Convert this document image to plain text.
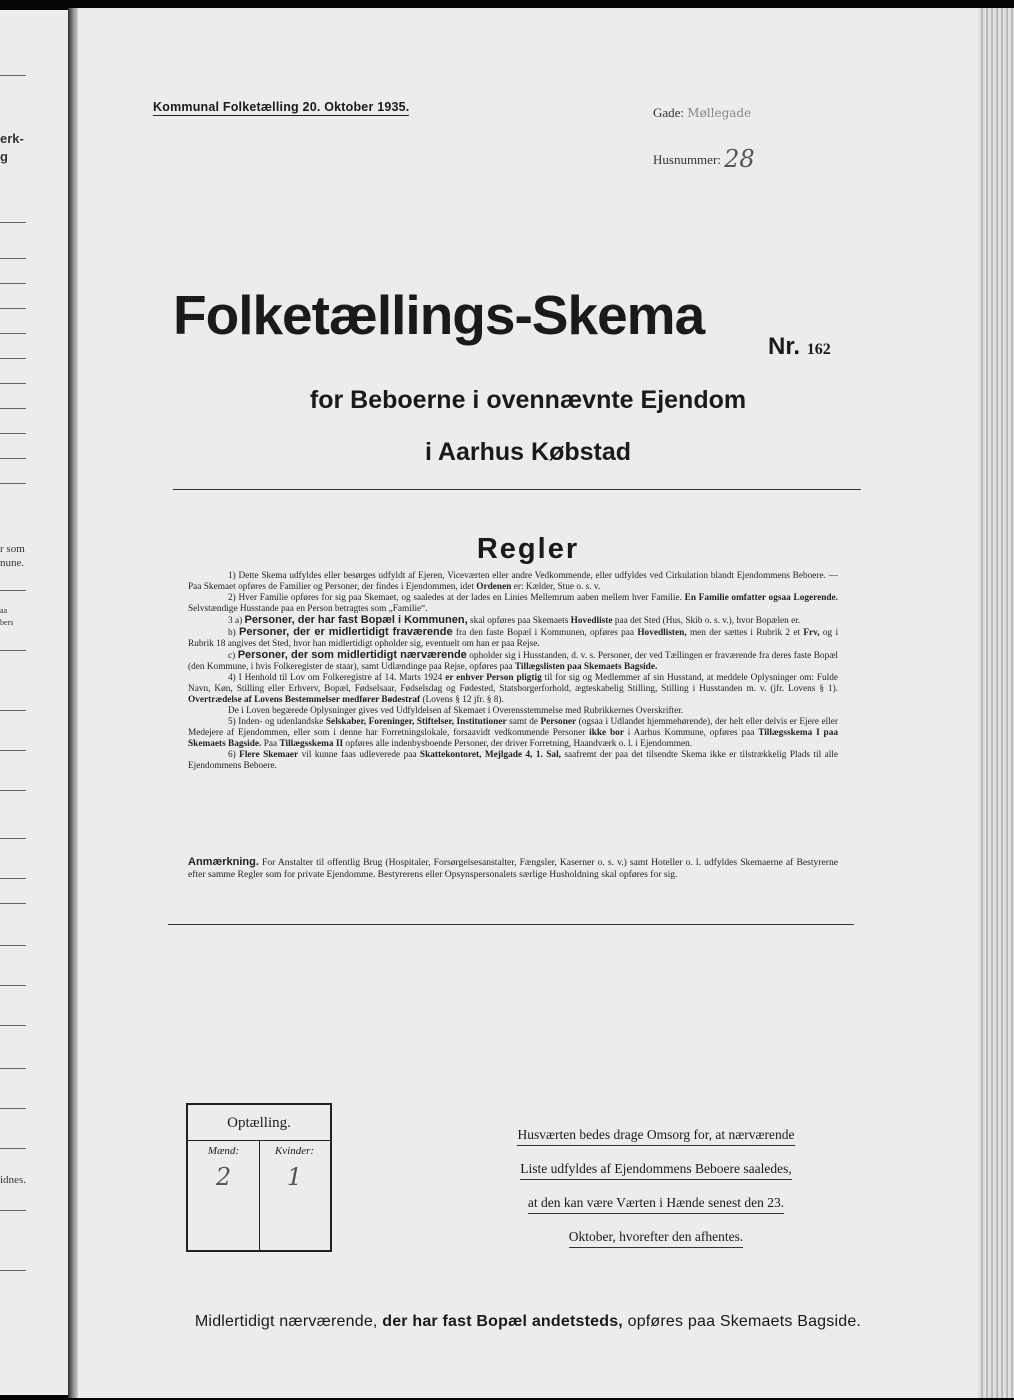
erk-
g
r som
nune.
aa
bers
idnes.
Kommunal Folketælling 20. Oktober 1935.	Gade: Møllegade
Husnummer: 28
Folketællings-Skema
Nr. 162
for Beboerne i ovennævnte Ejendom
i Aarhus Købstad
Regler

1) Dette Skema udfyldes eller besørges udfyldt af Ejeren, Viceværten eller andre Vedkommende, eller udfyldes ved Cirkulation blandt Ejendommens Beboere. — Paa Skemaet opføres de Familier og Personer, der findes i Ejendommen, idet Ordenen er: Kælder, Stue o. s. v.

2) Hver Familie opføres for sig paa Skemaet, og saaledes at der lades en Linies Mellemrum aaben mellem hver Familie. En Familie omfatter ogsaa Logerende. Selvstændige Husstande paa en Person betragtes som „Familie“.

3 a) Personer, der har fast Bopæl i Kommunen, skal opføres paa Skemaets Hovedliste paa det Sted (Hus, Skib o. s. v.), hvor Bopælen er.

b) Personer, der er midlertidigt fraværende fra den faste Bopæl i Kommunen, opføres paa Hovedlisten, men der sættes i Rubrik 2 et Frv, og i Rubrik 18 angives det Sted, hvor han midlertidigt opholder sig, eventuelt om han er paa Rejse.

c) Personer, der som midlertidigt nærværende opholder sig i Husstanden, d. v. s. Personer, der ved Tællingen er fraværende fra deres faste Bopæl (den Kommune, i hvis Folkeregister de staar), samt Udlændinge paa Rejse, opføres paa Tillægslisten paa Skemaets Bagside.

4) I Henhold til Lov om Folkeregistre af 14. Marts 1924 er enhver Person pligtig til for sig og Medlemmer af sin Husstand, at meddele Oplysninger om: Fulde Navn, Køn, Stilling eller Erhverv, Bopæl, Fødselsaar, Fødselsdag og Fødested, Statsborgerforhold, ægteskabelig Stilling, Stilling i Husstanden m. v. (jfr. Lovens § 1). Overtrædelse af Lovens Bestemmelser medfører Bødestraf (Lovens § 12 jfr. § 8).

De i Loven begærede Oplysninger gives ved Udfyldelsen af Skemaet i Overensstemmelse med Rubrikkernes Overskrifter.

5) Inden- og udenlandske Selskaber, Foreninger, Stiftelser, Institutioner samt de Personer (ogsaa i Udlandet hjemmehørende), der helt eller delvis er Ejere eller Medejere af Ejendommen, eller som i denne har Forretningslokale, forsaavidt vedkommende Personer ikke bor i Aarhus Kommune, opføres paa Tillægsskema I paa Skemaets Bagside. Paa Tillægsskema II opføres alle indenbysboende Personer, der driver Forretning, Haandværk o. l. i Ejendommen.

6) Flere Skemaer vil kunne faas udleverede paa Skattekontoret, Mejlgade 4, 1. Sal, saafremt der paa det tilsendte Skema ikke er tilstrækkelig Plads til alle Ejendommens Beboere.

Anmærkning. For Anstalter til offentlig Brug (Hospitaler, Forsørgelsesanstalter, Fængsler, Kaserner o. s. v.) samt Hoteller o. l. udfyldes Skemaerne af Bestyrerne efter samme Regler som for private Ejendomme. Bestyrerens eller Opsynspersonalets særlige Husholdning skal opføres for sig.
Optælling.
Mænd:	Kvinder:
2	1
Husværten bedes drage Omsorg for, at nærværende
Liste udfyldes af Ejendommens Beboere saaledes,
at den kan være Værten i Hænde senest den 23.
Oktober, hvorefter den afhentes.
Midlertidigt nærværende, der har fast Bopæl andetsteds, opføres paa Skemaets Bagside.
